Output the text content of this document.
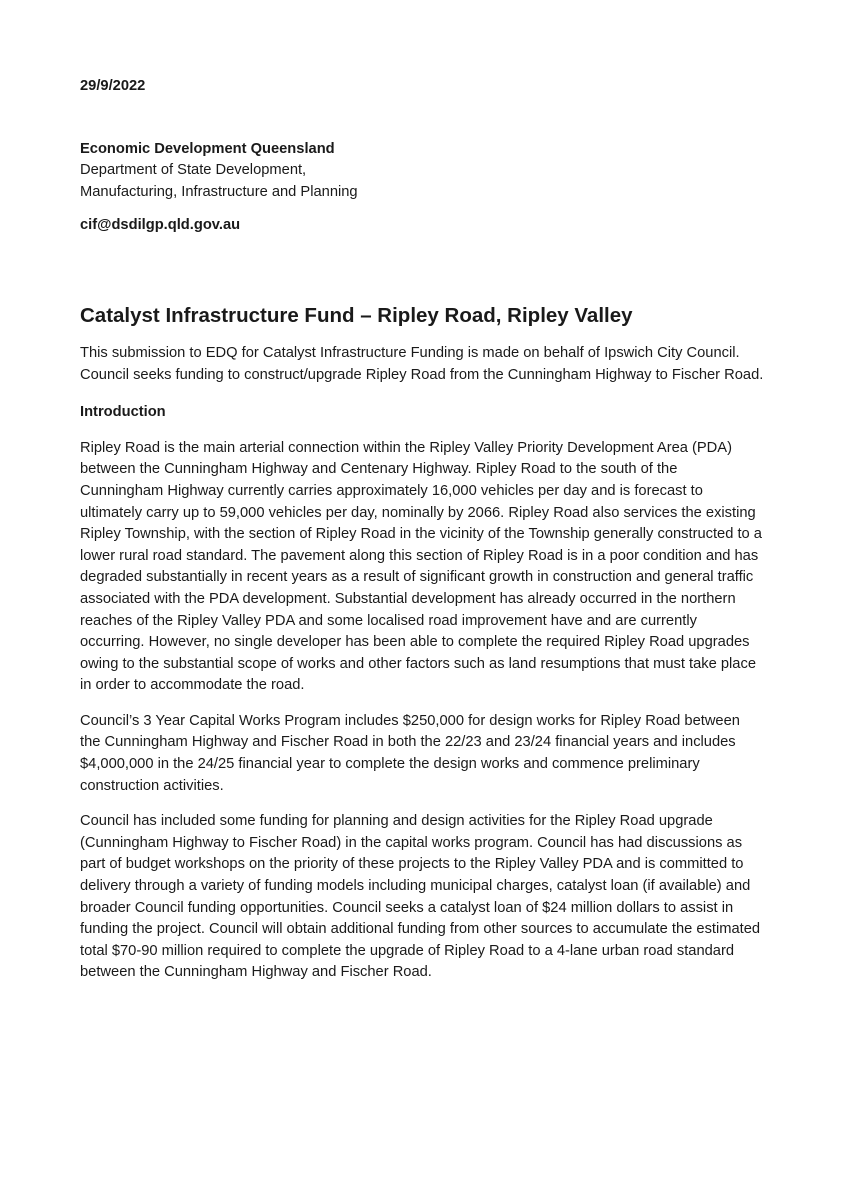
29/9/2022

Economic Development Queensland

Department of State Development,

Manufacturing, Infrastructure and Planning

cif@dsdilgp.qld.gov.au

Catalyst Infrastructure Fund – Ripley Road, Ripley Valley

This submission to EDQ for Catalyst Infrastructure Funding is made on behalf of Ipswich City Council. Council seeks funding to construct/upgrade Ripley Road from the Cunningham Highway to Fischer Road.

Introduction

Ripley Road is the main arterial connection within the Ripley Valley Priority Development Area (PDA) between the Cunningham Highway and Centenary Highway. Ripley Road to the south of the Cunningham Highway currently carries approximately 16,000 vehicles per day and is forecast to ultimately carry up to 59,000 vehicles per day, nominally by 2066. Ripley Road also services the existing Ripley Township, with the section of Ripley Road in the vicinity of the Township generally constructed to a lower rural road standard. The pavement along this section of Ripley Road is in a poor condition and has degraded substantially in recent years as a result of significant growth in construction and general traffic associated with the PDA development. Substantial development has already occurred in the northern reaches of the Ripley Valley PDA and some localised road improvement have and are currently occurring. However, no single developer has been able to complete the required Ripley Road upgrades owing to the substantial scope of works and other factors such as land resumptions that must take place in order to accommodate the road.

Council’s 3 Year Capital Works Program includes $250,000 for design works for Ripley Road between the Cunningham Highway and Fischer Road in both the 22/23 and 23/24 financial years and includes $4,000,000 in the 24/25 financial year to complete the design works and commence preliminary construction activities.

Council has included some funding for planning and design activities for the Ripley Road upgrade (Cunningham Highway to Fischer Road) in the capital works program. Council has had discussions as part of budget workshops on the priority of these projects to the Ripley Valley PDA and is committed to delivery through a variety of funding models including municipal charges, catalyst loan (if available) and broader Council funding opportunities. Council seeks a catalyst loan of $24 million dollars to assist in funding the project. Council will obtain additional funding from other sources to accumulate the estimated total $70-90 million required to complete the upgrade of Ripley Road to a 4-lane urban road standard between the Cunningham Highway and Fischer Road.
